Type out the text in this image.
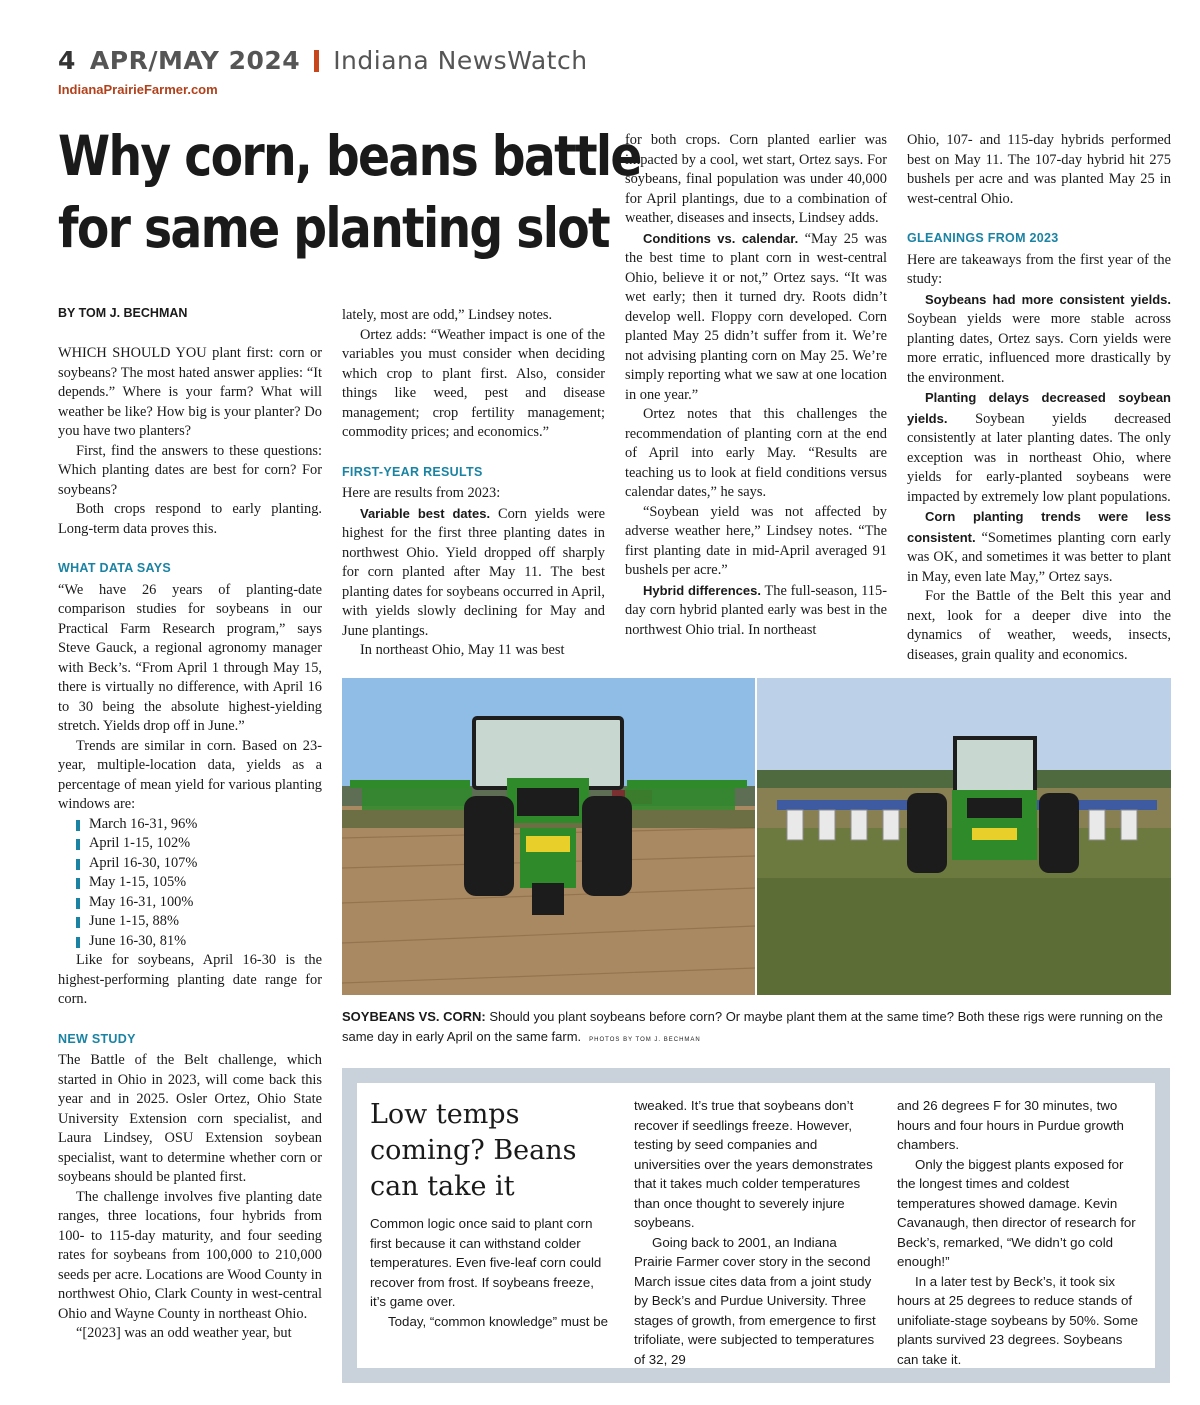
4 APR/MAY 2024 Indiana NewsWatch
IndianaPrairieFarmer.com
Why corn, beans battle
for same planting slot
BY TOM J. BECHMAN

WHICH SHOULD YOU plant first: corn or soybeans? The most hated answer applies: “It depends.” Where is your farm? What will weather be like? How big is your planter? Do you have two planters?

First, find the answers to these questions: Which planting dates are best for corn? For soybeans?

Both crops respond to early planting. Long-term data proves this.

WHAT DATA SAYS

“We have 26 years of planting-date comparison studies for soybeans in our Practical Farm Research program,” says Steve Gauck, a regional agronomy manager with Beck’s. “From April 1 through May 15, there is virtually no difference, with April 16 to 30 being the absolute highest-yielding stretch. Yields drop off in June.”

Trends are similar in corn. Based on 23-year, multiple-location data, yields as a percentage of mean yield for various planting windows are:

March 16-31, 96%
April 1-15, 102%
April 16-30, 107%
May 1-15, 105%
May 16-31, 100%
June 1-15, 88%
June 16-30, 81%

Like for soybeans, April 16-30 is the highest-performing planting date range for corn.

NEW STUDY

The Battle of the Belt challenge, which started in Ohio in 2023, will come back this year and in 2025. Osler Ortez, Ohio State University Extension corn specialist, and Laura Lindsey, OSU Extension soybean specialist, want to determine whether corn or soybeans should be planted first.

The challenge involves five planting date ranges, three locations, four hybrids from 100- to 115-day maturity, and four seeding rates for soybeans from 100,000 to 210,000 seeds per acre. Locations are Wood County in northwest Ohio, Clark County in west-central Ohio and Wayne County in northeast Ohio.

“[2023] was an odd weather year, but

lately, most are odd,” Lindsey notes.

Ortez adds: “Weather impact is one of the variables you must consider when deciding which crop to plant first. Also, consider things like weed, pest and disease management; crop fertility management; commodity prices; and economics.”

FIRST-YEAR RESULTS

Here are results from 2023:

Variable best dates. Corn yields were highest for the first three planting dates in northwest Ohio. Yield dropped off sharply for corn planted after May 11. The best planting dates for soybeans occurred in April, with yields slowly declining for May and June plantings.

In northeast Ohio, May 11 was best

for both crops. Corn planted earlier was impacted by a cool, wet start, Ortez says. For soybeans, final population was under 40,000 for April plantings, due to a combination of weather, diseases and insects, Lindsey adds.

Conditions vs. calendar. “May 25 was the best time to plant corn in west-central Ohio, believe it or not,” Ortez says. “It was wet early; then it turned dry. Roots didn’t develop well. Floppy corn developed. Corn planted May 25 didn’t suffer from it. We’re not advising planting corn on May 25. We’re simply reporting what we saw at one location in one year.”

Ortez notes that this challenges the recommendation of planting corn at the end of April into early May. “Results are teaching us to look at field conditions versus calendar dates,” he says.

“Soybean yield was not affected by adverse weather here,” Lindsey notes. “The first planting date in mid-April averaged 91 bushels per acre.”

Hybrid differences. The full-season, 115-day corn hybrid planted early was best in the northwest Ohio trial. In northeast

Ohio, 107- and 115-day hybrids performed best on May 11. The 107-day hybrid hit 275 bushels per acre and was planted May 25 in west-central Ohio.

GLEANINGS FROM 2023

Here are takeaways from the first year of the study:

Soybeans had more consistent yields. Soybean yields were more stable across planting dates, Ortez says. Corn yields were more erratic, influenced more drastically by the environment.

Planting delays decreased soybean yields. Soybean yields decreased consistently at later planting dates. The only exception was in northeast Ohio, where yields for early-planted soybeans were impacted by extremely low plant populations.

Corn planting trends were less consistent. “Sometimes planting corn early was OK, and sometimes it was better to plant in May, even late May,” Ortez says.

For the Battle of the Belt this year and next, look for a deeper dive into the dynamics of weather, weeds, insects, diseases, grain quality and economics.

SOYBEANS VS. CORN: Should you plant soybeans before corn? Or maybe plant them at the same time? Both these rigs were running on the same day in early April on the same farm. PHOTOS BY TOM J. BECHMAN
Low temps coming? Beans can take it

Common logic once said to plant corn first because it can withstand colder temperatures. Even five-leaf corn could recover from frost. If soybeans freeze, it’s game over.

Today, “common knowledge” must be

tweaked. It’s true that soybeans don’t recover if seedlings freeze. However, testing by seed companies and universities over the years demonstrates that it takes much colder temperatures than once thought to severely injure soybeans.

Going back to 2001, an Indiana Prairie Farmer cover story in the second March issue cites data from a joint study by Beck’s and Purdue University. Three stages of growth, from emergence to first trifoliate, were subjected to temperatures of 32, 29

and 26 degrees F for 30 minutes, two hours and four hours in Purdue growth chambers.

Only the biggest plants exposed for the longest times and coldest temperatures showed damage. Kevin Cavanaugh, then director of research for Beck’s, remarked, “We didn’t go cold enough!”

In a later test by Beck’s, it took six hours at 25 degrees to reduce stands of unifoliate-stage soybeans by 50%. Some plants survived 23 degrees. Soybeans can take it.
